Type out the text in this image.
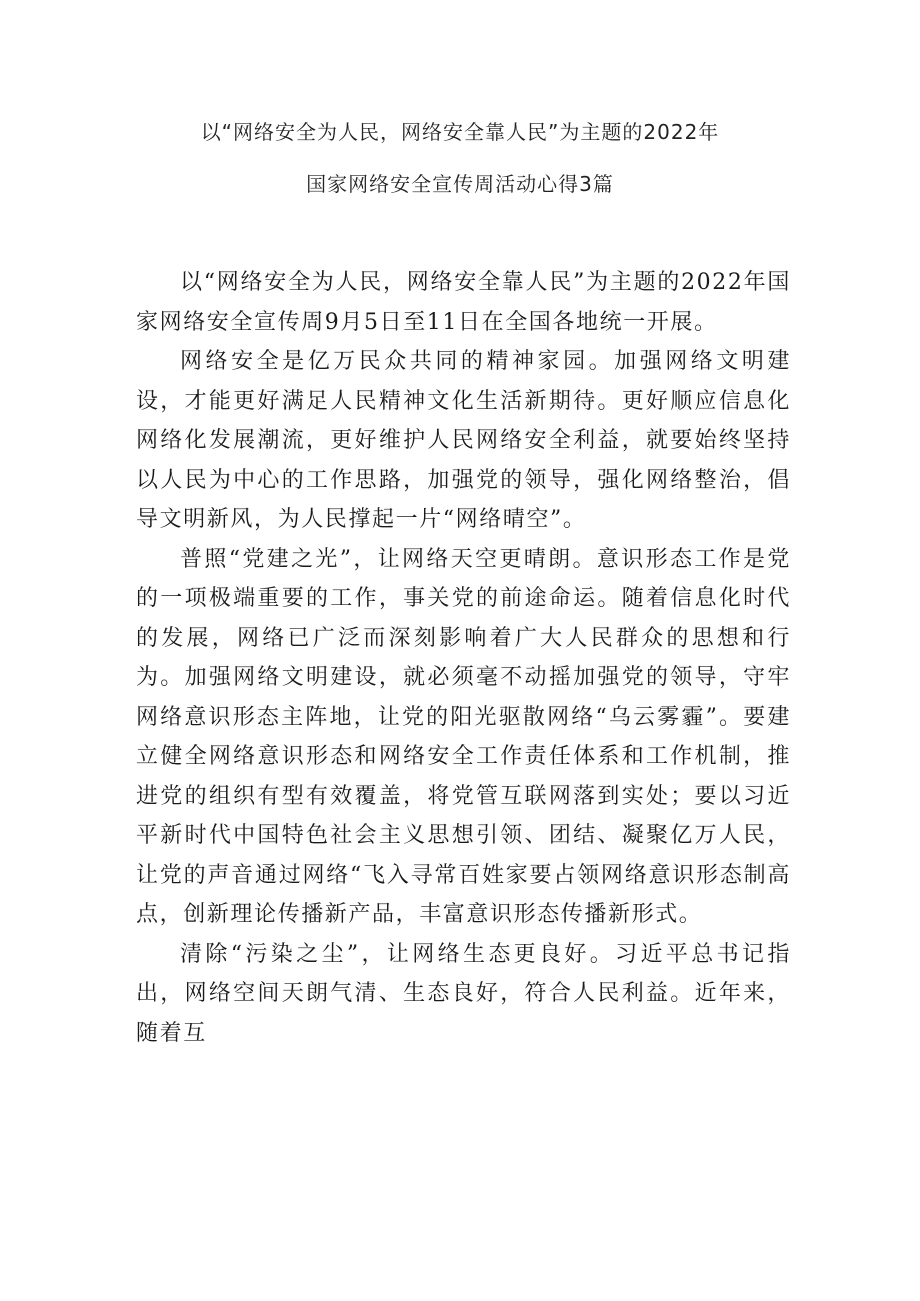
以“网络安全为人民，网络安全靠人民”为主题的2022年
国家网络安全宣传周活动心得3篇

以“网络安全为人民，网络安全靠人民”为主题的2022年国家网络安全宣传周9月5日至11日在全国各地统一开展。

网络安全是亿万民众共同的精神家园。加强网络文明建设，才能更好满足人民精神文化生活新期待。更好顺应信息化网络化发展潮流，更好维护人民网络安全利益，就要始终坚持以人民为中心的工作思路，加强党的领导，强化网络整治，倡导文明新风，为人民撑起一片“网络晴空”。

普照“党建之光”，让网络天空更晴朗。意识形态工作是党的一项极端重要的工作，事关党的前途命运。随着信息化时代的发展，网络已广泛而深刻影响着广大人民群众的思想和行为。加强网络文明建设，就必须毫不动摇加强党的领导，守牢网络意识形态主阵地，让党的阳光驱散网络“乌云雾霾”。要建立健全网络意识形态和网络安全工作责任体系和工作机制，推进党的组织有型有效覆盖，将党管互联网落到实处；要以习近平新时代中国特色社会主义思想引领、团结、凝聚亿万人民，让党的声音通过网络“飞入寻常百姓家要占领网络意识形态制高点，创新理论传播新产品，丰富意识形态传播新形式。

清除“污染之尘”，让网络生态更良好。习近平总书记指出，网络空间天朗气清、生态良好，符合人民利益。近年来，随着互
